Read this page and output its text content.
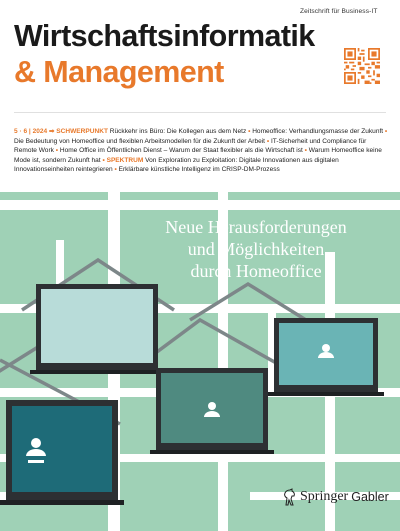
Zeitschrift für Business-IT
Wirtschaftsinformatik
& Management
5 · 6 | 2024 ➡ SCHWERPUNKT Rückkehr ins Büro: Die Kollegen aus dem Netz • Homeoffice: Verhandlungsmasse der Zukunft • Die Bedeutung von Homeoffice und flexiblen Arbeitsmodellen für die Zukunft der Arbeit • IT-Sicherheit und Compliance für Remote Work • Home Office im Öffentlichen Dienst – Warum der Staat flexibler als die Wirtschaft ist • Warum Homeoffice keine Mode ist, sondern Zukunft hat • SPEKTRUM Von Exploration zu Exploitation: Digitale Innovationen aus digitalen Innovationseinheiten reintegrieren • Erklärbare künstliche Intelligenz im CRISP-DM-Prozess
Neue Herausforderungen
und Möglichkeiten
durch Homeoffice
Springer Gabler
